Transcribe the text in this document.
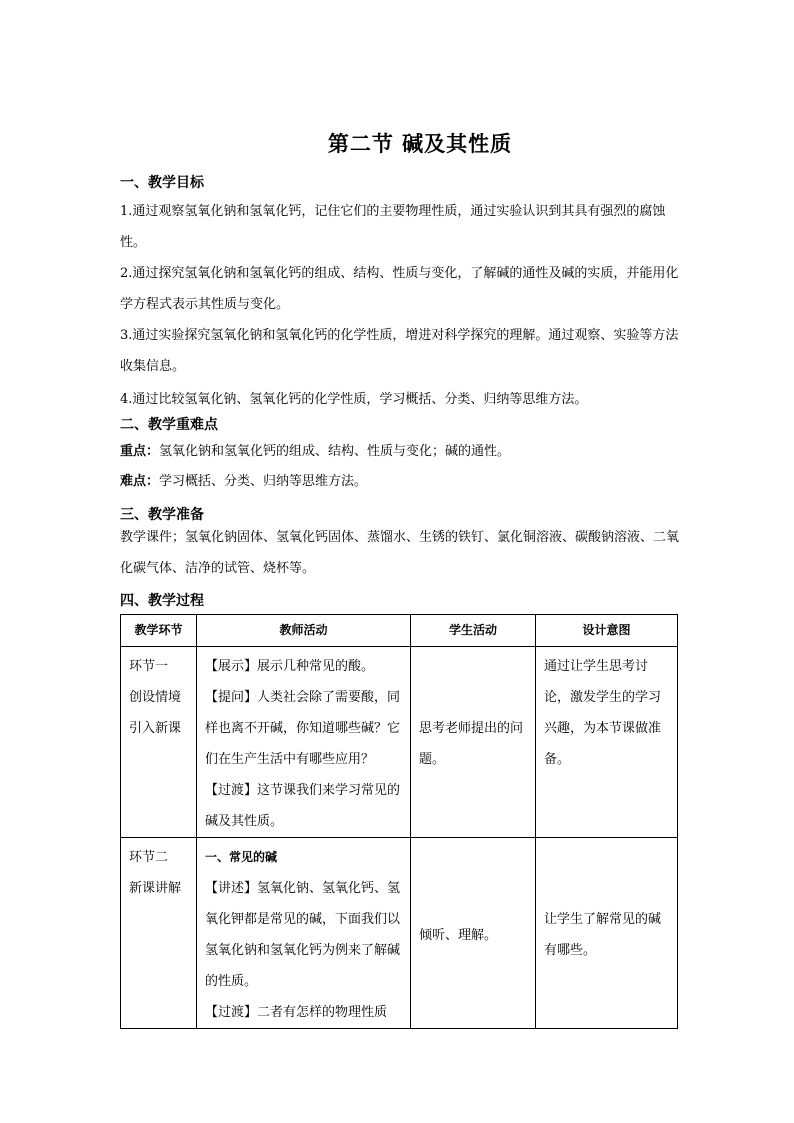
第二节 碱及其性质
一、教学目标
1.通过观察氢氧化钠和氢氧化钙，记住它们的主要物理性质，通过实验认识到其具有强烈的腐蚀性。
2.通过探究氢氧化钠和氢氧化钙的组成、结构、性质与变化，了解碱的通性及碱的实质，并能用化学方程式表示其性质与变化。
3.通过实验探究氢氧化钠和氢氧化钙的化学性质，增进对科学探究的理解。通过观察、实验等方法收集信息。
4.通过比较氢氧化钠、氢氧化钙的化学性质，学习概括、分类、归纳等思维方法。
二、教学重难点
重点：氢氧化钠和氢氧化钙的组成、结构、性质与变化；碱的通性。
难点：学习概括、分类、归纳等思维方法。
三、教学准备
教学课件；氢氧化钠固体、氢氧化钙固体、蒸馏水、生锈的铁钉、氯化铜溶液、碳酸钠溶液、二氧化碳气体、洁净的试管、烧杯等。
四、教学过程
教学环节	教师活动	学生活动	设计意图

环节一
创设情境
引入新课	【展示】展示几种常见的酸。
【提问】人类社会除了需要酸，同样也离不开碱，你知道哪些碱？它们在生产生活中有哪些应用？
【过渡】这节课我们来学习常见的碱及其性质。	思考老师提出的问题。	通过让学生思考讨论，激发学生的学习兴趣，为本节课做准备。

环节二
新课讲解	一、常见的碱
【讲述】氢氧化钠、氢氧化钙、氢氧化钾都是常见的碱，下面我们以氢氧化钠和氢氧化钙为例来了解碱的性质。
【过渡】二者有怎样的物理性质	倾听、理解。	让学生了解常见的碱有哪些。
